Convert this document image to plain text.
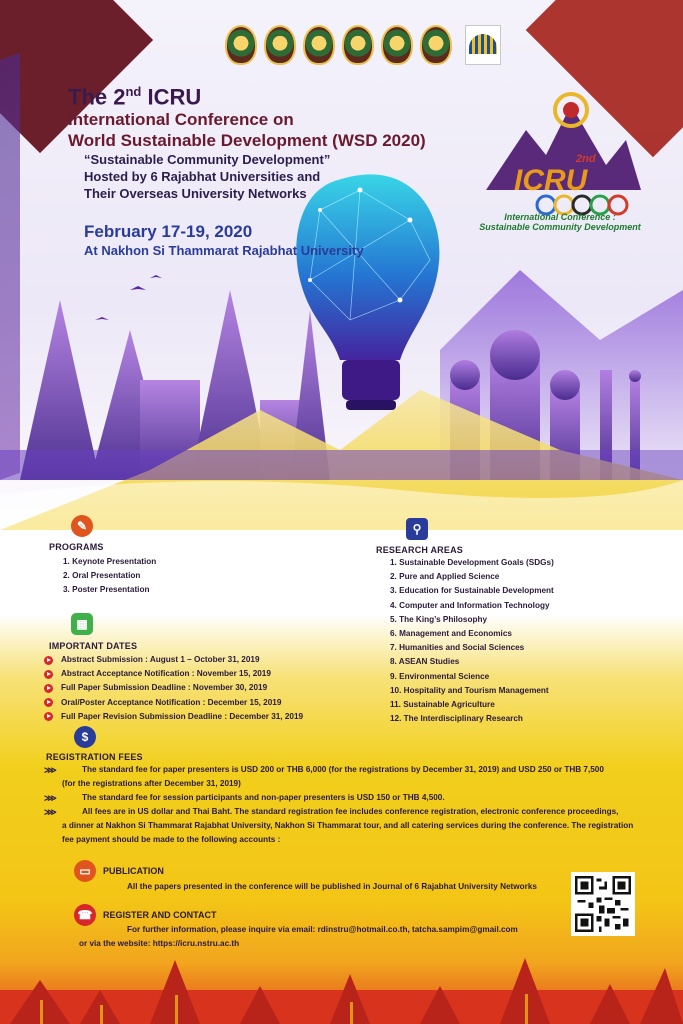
The 2nd ICRU
International Conference on
World Sustainable Development (WSD 2020)
“Sustainable Community Development”
Hosted by 6 Rajabhat Universities and
Their Overseas University Networks
February 17-19, 2020
At Nakhon Si Thammarat Rajabhat University
2nd
ICRU
International Conference :
Sustainable Community Development
✎
PROGRAMS
1. Keynote Presentation
2. Oral Presentation
3. Poster Presentation
⚲
RESEARCH AREAS
1. Sustainable Development Goals (SDGs)
2. Pure and Applied Science
3. Education for Sustainable Development
4. Computer and Information Technology
5. The King’s Philosophy
6. Management and Economics
7. Humanities and Social Sciences
8. ASEAN Studies
9. Environmental Science
10. Hospitality and Tourism Management
11. Sustainable Agriculture
12. The Interdisciplinary Research
▦
IMPORTANT DATES
Abstract Submission : August 1 – October 31, 2019
Abstract Acceptance Notification : November 15, 2019
Full Paper Submission Deadline : November 30, 2019
Oral/Poster Acceptance Notification : December 15, 2019
Full Paper Revision Submission Deadline : December 31, 2019
$
REGISTRATION FEES
⋙	The standard fee for paper presenters is USD 200 or THB 6,000 (for the registrations by December 31, 2019) and USD 250 or THB 7,500
(for the registrations after December 31, 2019)
⋙	The standard fee for session participants and non-paper presenters is USD 150 or THB 4,500.
⋙	All fees are in US dollar and Thai Baht. The standard registration fee includes conference registration, electronic conference proceedings,
a dinner at Nakhon Si Thammarat Rajabhat University, Nakhon Si Thammarat tour, and all catering services during the conference. The registration
fee payment should be made to the following accounts :
▭	PUBLICATION
All the papers presented in the conference will be published in Journal of 6 Rajabhat University Networks
☎	REGISTER AND CONTACT
For further information, please inquire via email: rdinstru@hotmail.co.th, tatcha.sampim@gmail.com
or via the website: https://icru.nstru.ac.th
